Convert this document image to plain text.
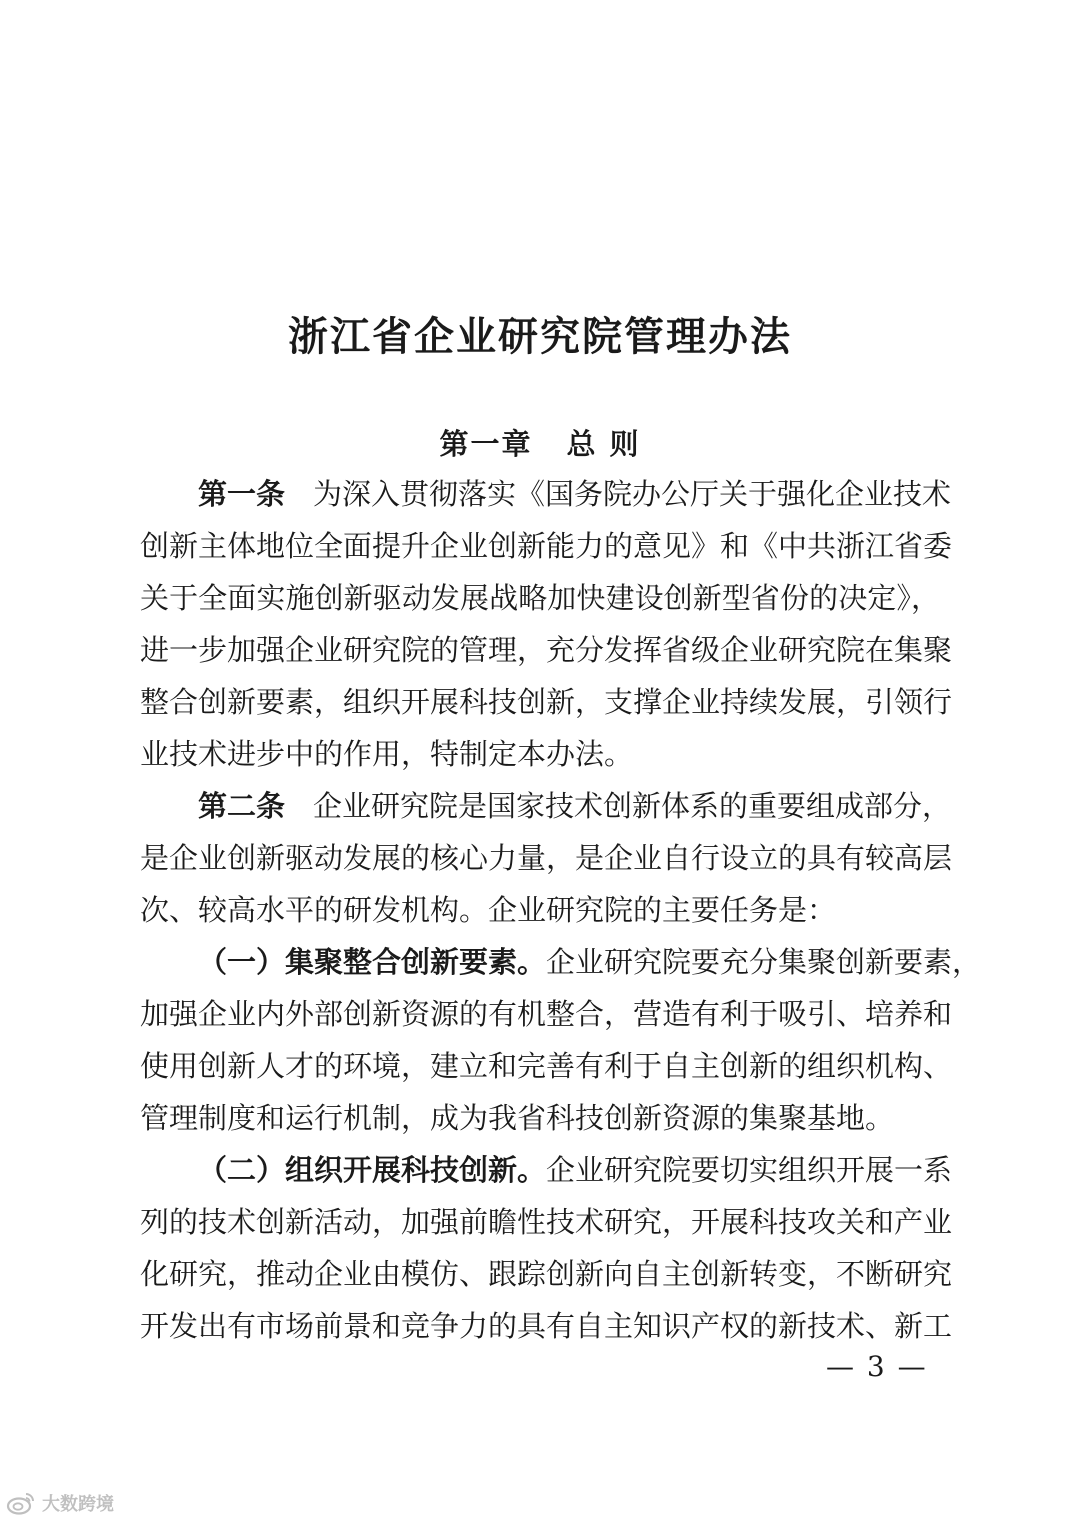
浙江省企业研究院管理办法
第一章 总 则
第一条 为深入贯彻落实《国务院办公厅关于强化企业技术
创新主体地位全面提升企业创新能力的意见》和《中共浙江省委
关于全面实施创新驱动发展战略加快建设创新型省份的决定》，
进一步加强企业研究院的管理，充分发挥省级企业研究院在集聚
整合创新要素，组织开展科技创新，支撑企业持续发展，引领行
业技术进步中的作用，特制定本办法。
第二条 企业研究院是国家技术创新体系的重要组成部分，
是企业创新驱动发展的核心力量，是企业自行设立的具有较高层
次、较高水平的研发机构。企业研究院的主要任务是：
（一）集聚整合创新要素。企业研究院要充分集聚创新要素，
加强企业内外部创新资源的有机整合，营造有利于吸引、培养和
使用创新人才的环境，建立和完善有利于自主创新的组织机构、
管理制度和运行机制，成为我省科技创新资源的集聚基地。
（二）组织开展科技创新。企业研究院要切实组织开展一系
列的技术创新活动，加强前瞻性技术研究，开展科技攻关和产业
化研究，推动企业由模仿、跟踪创新向自主创新转变，不断研究
开发出有市场前景和竞争力的具有自主知识产权的新技术、新工
— 3 —
大数跨境
